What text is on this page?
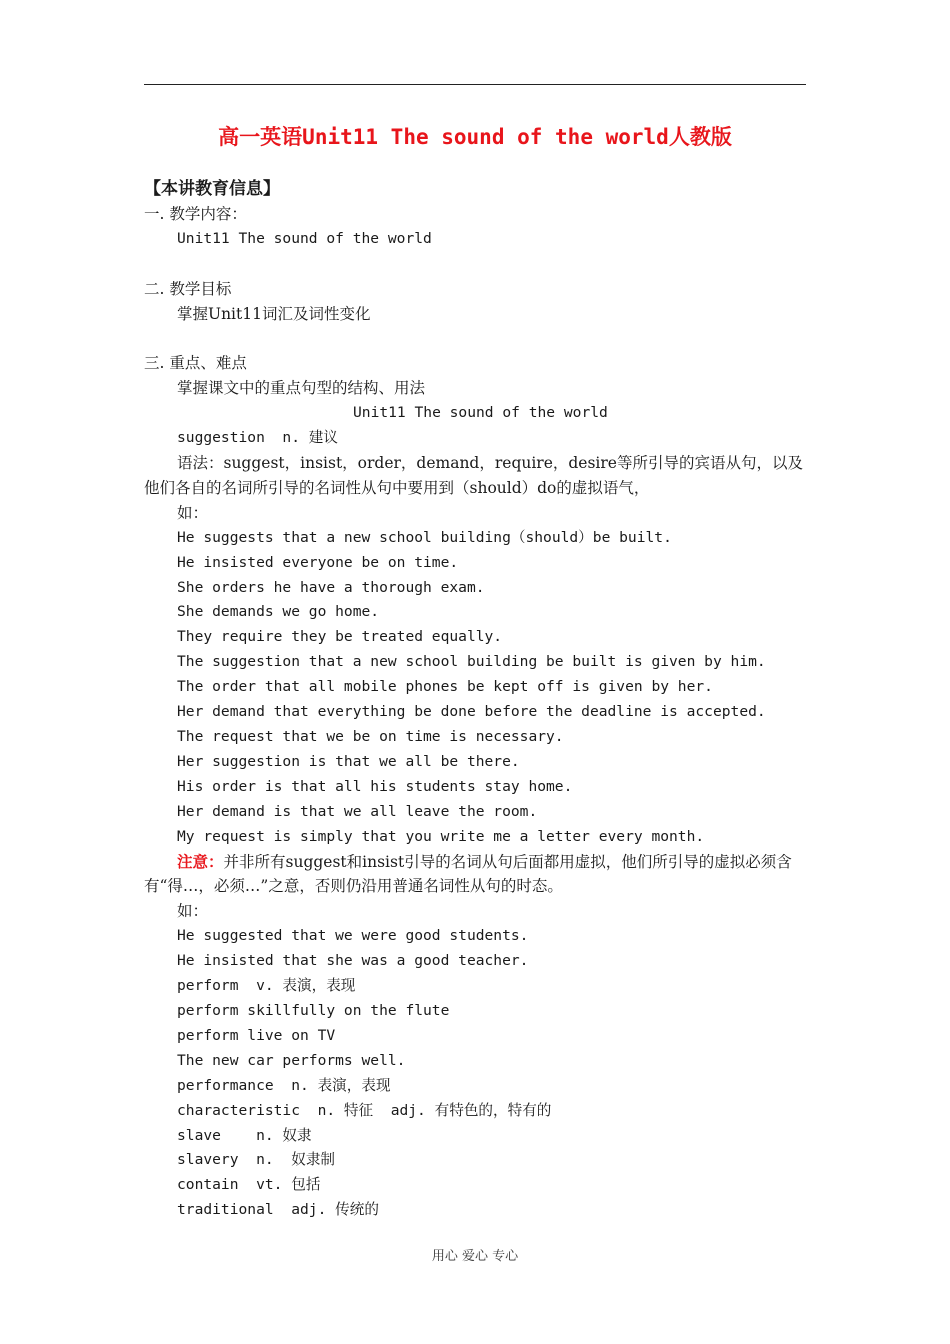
高一英语Unit11 The sound of the world人教版

【本讲教育信息】

一. 教学内容：

Unit11 The sound of the world

二. 教学目标

掌握Unit11词汇及词性变化

三. 重点、难点

掌握课文中的重点句型的结构、用法

Unit11 The sound of the world

suggestion  n. 建议

语法：suggest，insist，order，demand，require，desire等所引导的宾语从句，以及他们各自的名词所引导的名词性从句中要用到（should）do的虚拟语气，

如：

He suggests that a new school building（should）be built.

He insisted everyone be on time.

She orders he have a thorough exam.

She demands we go home.

They require they be treated equally.

The suggestion that a new school building be built is given by him.

The order that all mobile phones be kept off is given by her.

Her demand that everything be done before the deadline is accepted.

The request that we be on time is necessary.

Her suggestion is that we all be there.

His order is that all his students stay home.

Her demand is that we all leave the room.

My request is simply that you write me a letter every month.

注意：并非所有suggest和insist引导的名词从句后面都用虚拟，他们所引导的虚拟必须含有“得…，必须…”之意，否则仍沿用普通名词性从句的时态。

如：

He suggested that we were good students.

He insisted that she was a good teacher.

perform  v. 表演，表现

perform skillfully on the flute

perform live on TV

The new car performs well.

performance  n. 表演，表现

characteristic  n. 特征  adj. 有特色的，特有的

slave    n. 奴隶

slavery  n.  奴隶制

contain  vt. 包括

traditional  adj. 传统的

用心 爱心 专心
